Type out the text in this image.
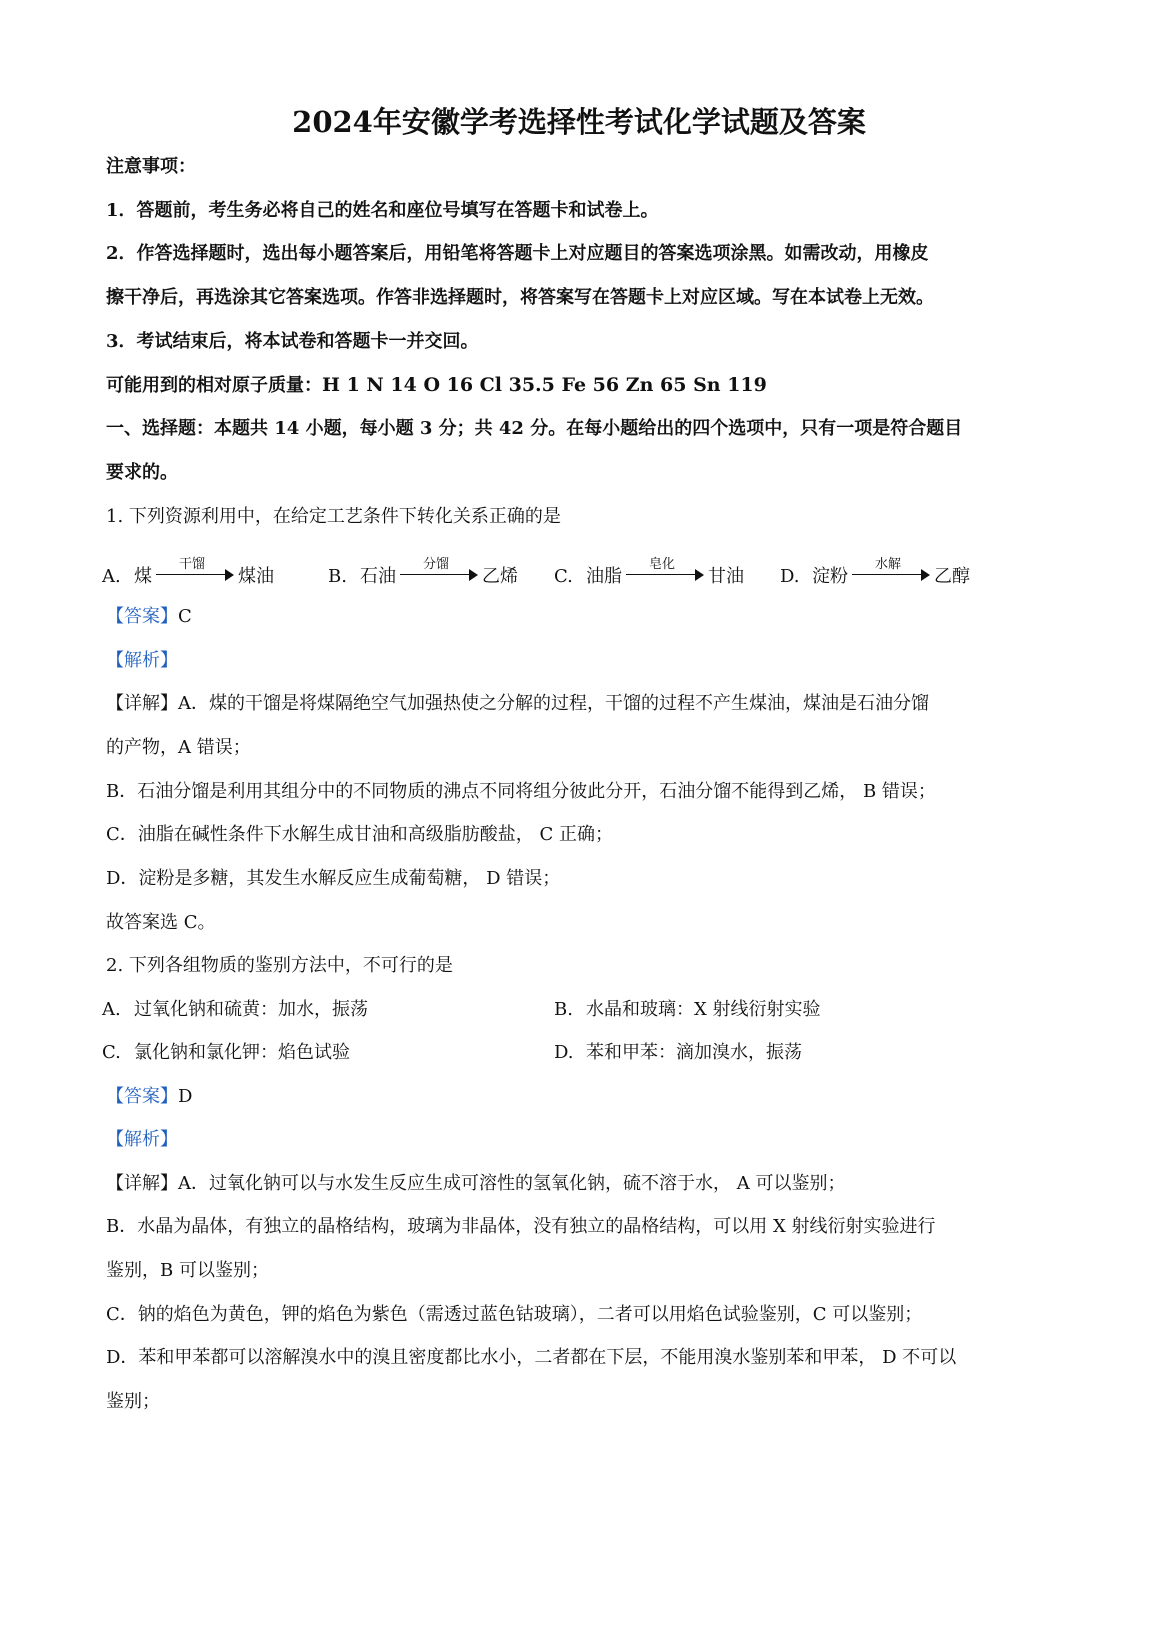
2024年安徽学考选择性考试化学试题及答案
注意事项：
1．答题前，考生务必将自己的姓名和座位号填写在答题卡和试卷上。
2．作答选择题时，选出每小题答案后，用铅笔将答题卡上对应题目的答案选项涂黑。如需改动，用橡皮
擦干净后，再选涂其它答案选项。作答非选择题时，将答案写在答题卡上对应区域。写在本试卷上无效。
3．考试结束后，将本试卷和答题卡一并交回。
可能用到的相对原子质量：H 1 N 14 O 16 Cl 35.5 Fe 56 Zn 65 Sn 119
一、选择题：本题共 14 小题，每小题 3 分；共 42 分。在每小题给出的四个选项中，只有一项是符合题目
要求的。
1. 下列资源利用中，在给定工艺条件下转化关系正确的是
A. 煤
干馏
煤油	B. 石油
分馏
乙烯 C. 油脂
皂化
甘油 D. 淀粉
水解
乙醇
【答案】C
【解析】
【详解】A．煤的干馏是将煤隔绝空气加强热使之分解的过程，干馏的过程不产生煤油，煤油是石油分馏
的产物，A 错误；
B．石油分馏是利用其组分中的不同物质的沸点不同将组分彼此分开，石油分馏不能得到乙烯， B 错误；
C．油脂在碱性条件下水解生成甘油和高级脂肪酸盐， C 正确；
D．淀粉是多糖，其发生水解反应生成葡萄糖， D 错误；
故答案选 C。
2. 下列各组物质的鉴别方法中，不可行的是
A. 过氧化钠和硫黄：加水，振荡	B. 水晶和玻璃：X 射线衍射实验
C. 氯化钠和氯化钾：焰色试验	D. 苯和甲苯：滴加溴水，振荡
【答案】D
【解析】
【详解】A．过氧化钠可以与水发生反应生成可溶性的氢氧化钠，硫不溶于水， A 可以鉴别；
B．水晶为晶体，有独立的晶格结构，玻璃为非晶体，没有独立的晶格结构，可以用 X 射线衍射实验进行
鉴别，B 可以鉴别；
C．钠的焰色为黄色，钾的焰色为紫色（需透过蓝色钴玻璃），二者可以用焰色试验鉴别，C 可以鉴别；
D．苯和甲苯都可以溶解溴水中的溴且密度都比水小，二者都在下层，不能用溴水鉴别苯和甲苯， D 不可以
鉴别；
